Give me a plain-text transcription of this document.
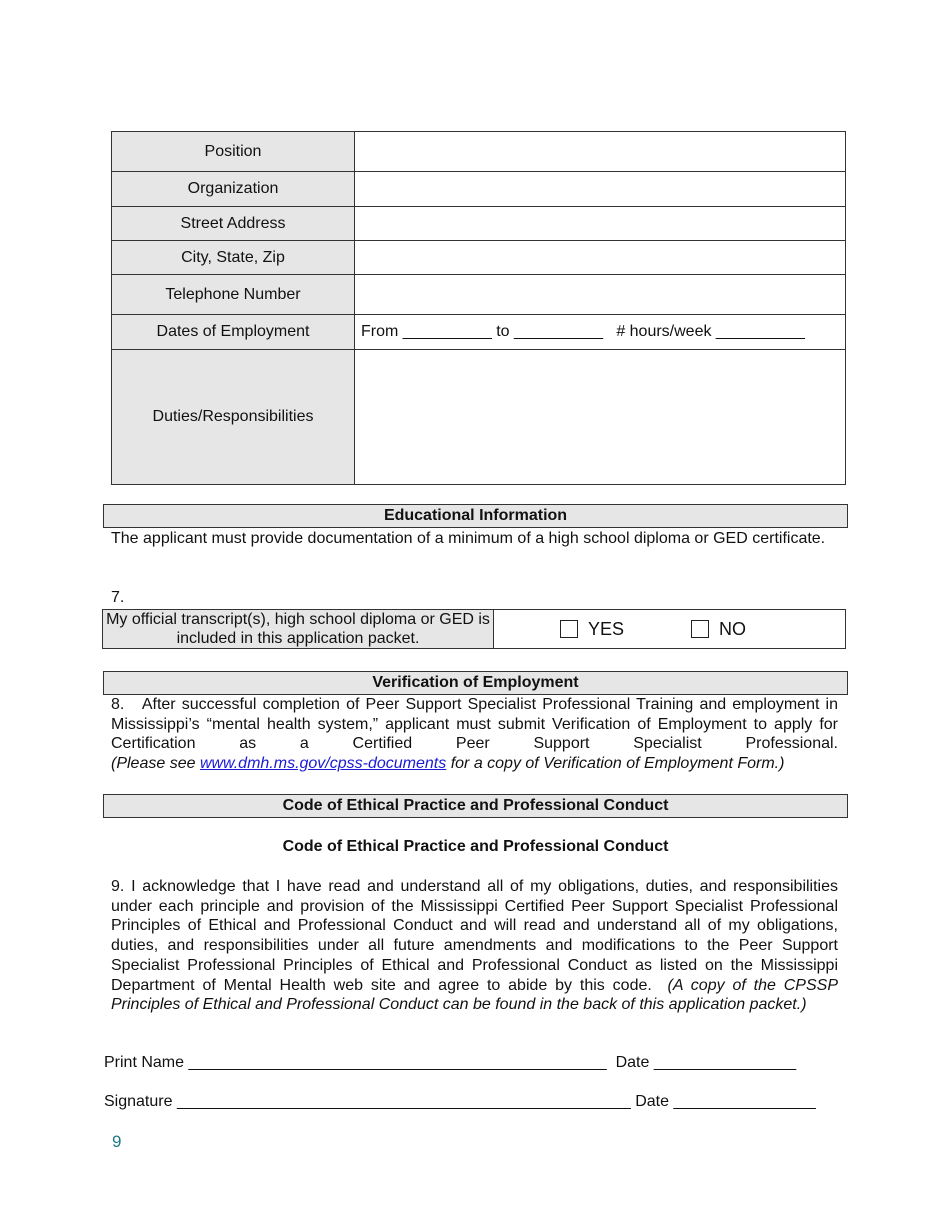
Position	
Organization	
Street Address	
City, State, Zip	
Telephone Number	
Dates of Employment	From __________ to __________   # hours/week __________
Duties/Responsibilities	
Educational Information
The applicant must provide documentation of a minimum of a high school diploma or GED certificate.
7.
My official transcript(s), high school diploma or GED is included in this application packet.	YES	NO
Verification of Employment

8.   After successful completion of Peer Support Specialist Professional Training and employment in Mississippi’s “mental health system,” applicant must submit Verification of Employment to apply for Certification as a Certified Peer Support Specialist Professional.

(Please see www.dmh.ms.gov/cpss-documents for a copy of Verification of Employment Form.)

Code of Ethical Practice and Professional Conduct
Code of Ethical Practice and Professional Conduct

9. I acknowledge that I have read and understand all of my obligations, duties, and responsibilities under each principle and provision of the Mississippi Certified Peer Support Specialist Professional Principles of Ethical and Professional Conduct and will read and understand all of my obligations, duties, and responsibilities under all future amendments and modifications to the Peer Support Specialist Professional Principles of Ethical and Professional Conduct as listed on the Mississippi Department of Mental Health web site and agree to abide by this code. (A copy of the CPSSP Principles of Ethical and Professional Conduct can be found in the back of this application packet.)

Print Name _______________________________________________  Date ________________
Signature ___________________________________________________ Date ________________
9
